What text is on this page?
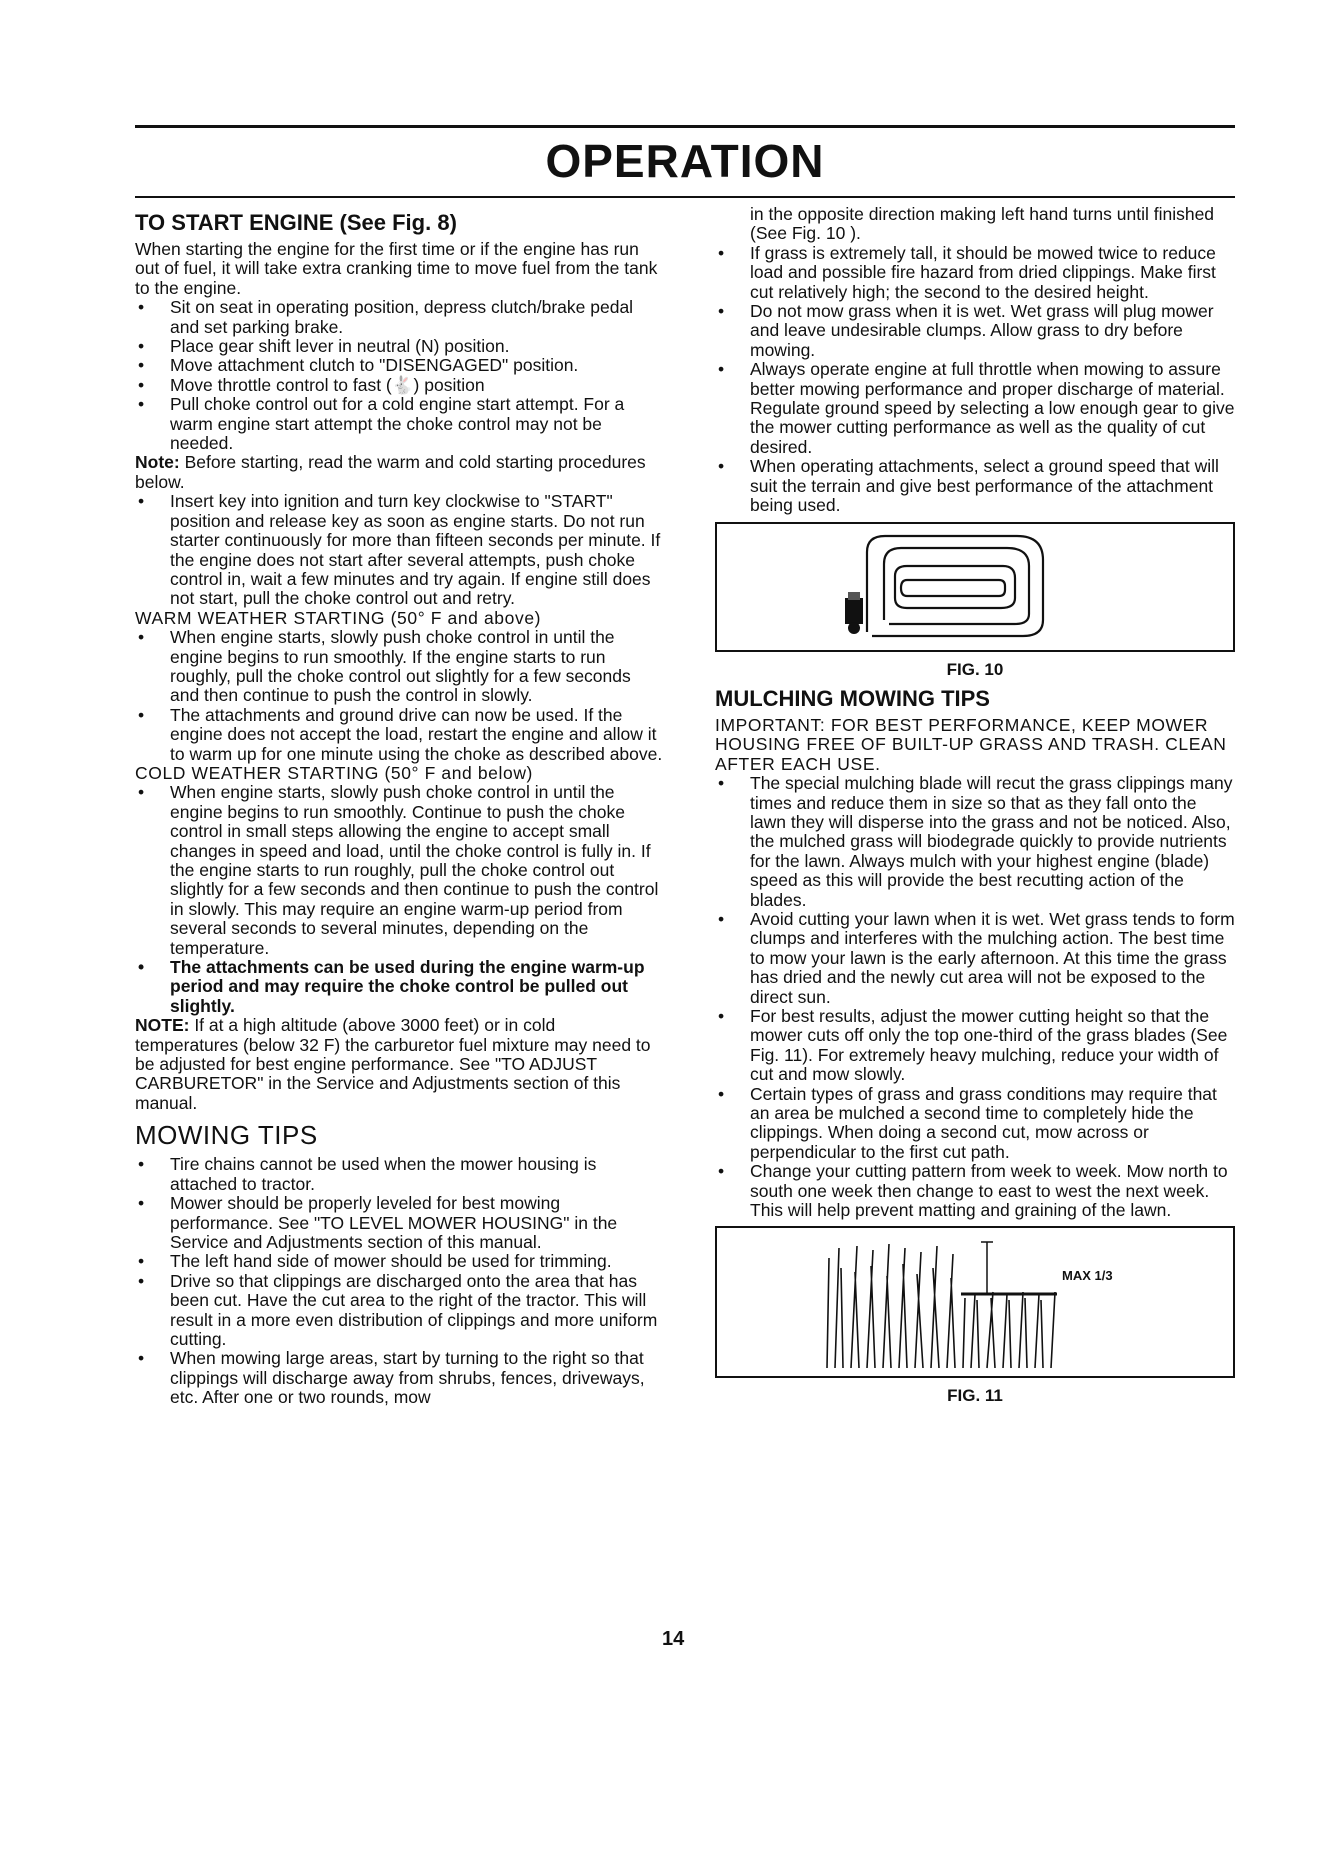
OPERATION
TO START ENGINE (See Fig. 8)

When starting the engine for the first time or if the engine has run out of fuel, it will take extra cranking time to move fuel from the tank to the engine.

• Sit on seat in operating position, depress clutch/brake pedal and set parking brake.

• Place gear shift lever in neutral (N) position.

• Move attachment clutch to "DISENGAGED" position.

• Move throttle control to fast (🐇) position

• Pull choke control out for a cold engine start attempt. For a warm engine start attempt the choke control may not be needed.

Note: Before starting, read the warm and cold starting procedures below.

• Insert key into ignition and turn key clockwise to "START" position and release key as soon as engine starts. Do not run starter continuously for more than fifteen seconds per minute. If the engine does not start after several attempts, push choke control in, wait a few minutes and try again. If engine still does not start, pull the choke control out and retry.

WARM WEATHER STARTING (50° F and above)

• When engine starts, slowly push choke control in until the engine begins to run smoothly. If the engine starts to run roughly, pull the choke control out slightly for a few seconds and then continue to push the control in slowly.

• The attachments and ground drive can now be used. If the engine does not accept the load, restart the engine and allow it to warm up for one minute using the choke as described above.

COLD WEATHER STARTING (50° F and below)

• When engine starts, slowly push choke control in until the engine begins to run smoothly. Continue to push the choke control in small steps allowing the engine to accept small changes in speed and load, until the choke control is fully in. If the engine starts to run roughly, pull the choke control out slightly for a few seconds and then continue to push the control in slowly. This may require an engine warm-up period from several seconds to several minutes, depending on the temperature.

• The attachments can be used during the engine warm-up period and may require the choke control be pulled out slightly.

NOTE: If at a high altitude (above 3000 feet) or in cold temperatures (below 32 F) the carburetor fuel mixture may need to be adjusted for best engine performance. See "TO ADJUST CARBURETOR" in the Service and Adjustments section of this manual.

MOWING TIPS

• Tire chains cannot be used when the mower housing is attached to tractor.

• Mower should be properly leveled for best mowing performance. See "TO LEVEL MOWER HOUSING" in the Service and Adjustments section of this manual.

• The left hand side of mower should be used for trimming.

• Drive so that clippings are discharged onto the area that has been cut. Have the cut area to the right of the tractor. This will result in a more even distribution of clippings and more uniform cutting.

• When mowing large areas, start by turning to the right so that clippings will discharge away from shrubs, fences, driveways, etc. After one or two rounds, mow

in the opposite direction making left hand turns until finished (See Fig. 10 ).

• If grass is extremely tall, it should be mowed twice to reduce load and possible fire hazard from dried clippings. Make first cut relatively high; the second to the desired height.

• Do not mow grass when it is wet. Wet grass will plug mower and leave undesirable clumps. Allow grass to dry before mowing.

• Always operate engine at full throttle when mowing to assure better mowing performance and proper discharge of material. Regulate ground speed by selecting a low enough gear to give the mower cutting performance as well as the quality of cut desired.

• When operating attachments, select a ground speed that will suit the terrain and give best performance of the attachment being used.

FIG. 10
MULCHING MOWING TIPS

IMPORTANT: FOR BEST PERFORMANCE, KEEP MOWER HOUSING FREE OF BUILT-UP GRASS AND TRASH. CLEAN AFTER EACH USE.

• The special mulching blade will recut the grass clippings many times and reduce them in size so that as they fall onto the lawn they will disperse into the grass and not be noticed. Also, the mulched grass will biodegrade quickly to provide nutrients for the lawn. Always mulch with your highest engine (blade) speed as this will provide the best recutting action of the blades.

• Avoid cutting your lawn when it is wet. Wet grass tends to form clumps and interferes with the mulching action. The best time to mow your lawn is the early afternoon. At this time the grass has dried and the newly cut area will not be exposed to the direct sun.

• For best results, adjust the mower cutting height so that the mower cuts off only the top one-third of the grass blades (See Fig. 11). For extremely heavy mulching, reduce your width of cut and mow slowly.

• Certain types of grass and grass conditions may require that an area be mulched a second time to completely hide the clippings. When doing a second cut, mow across or perpendicular to the first cut path.

• Change your cutting pattern from week to week. Mow north to south one week then change to east to west the next week. This will help prevent matting and graining of the lawn.

MAX 1/3
FIG. 11
14
